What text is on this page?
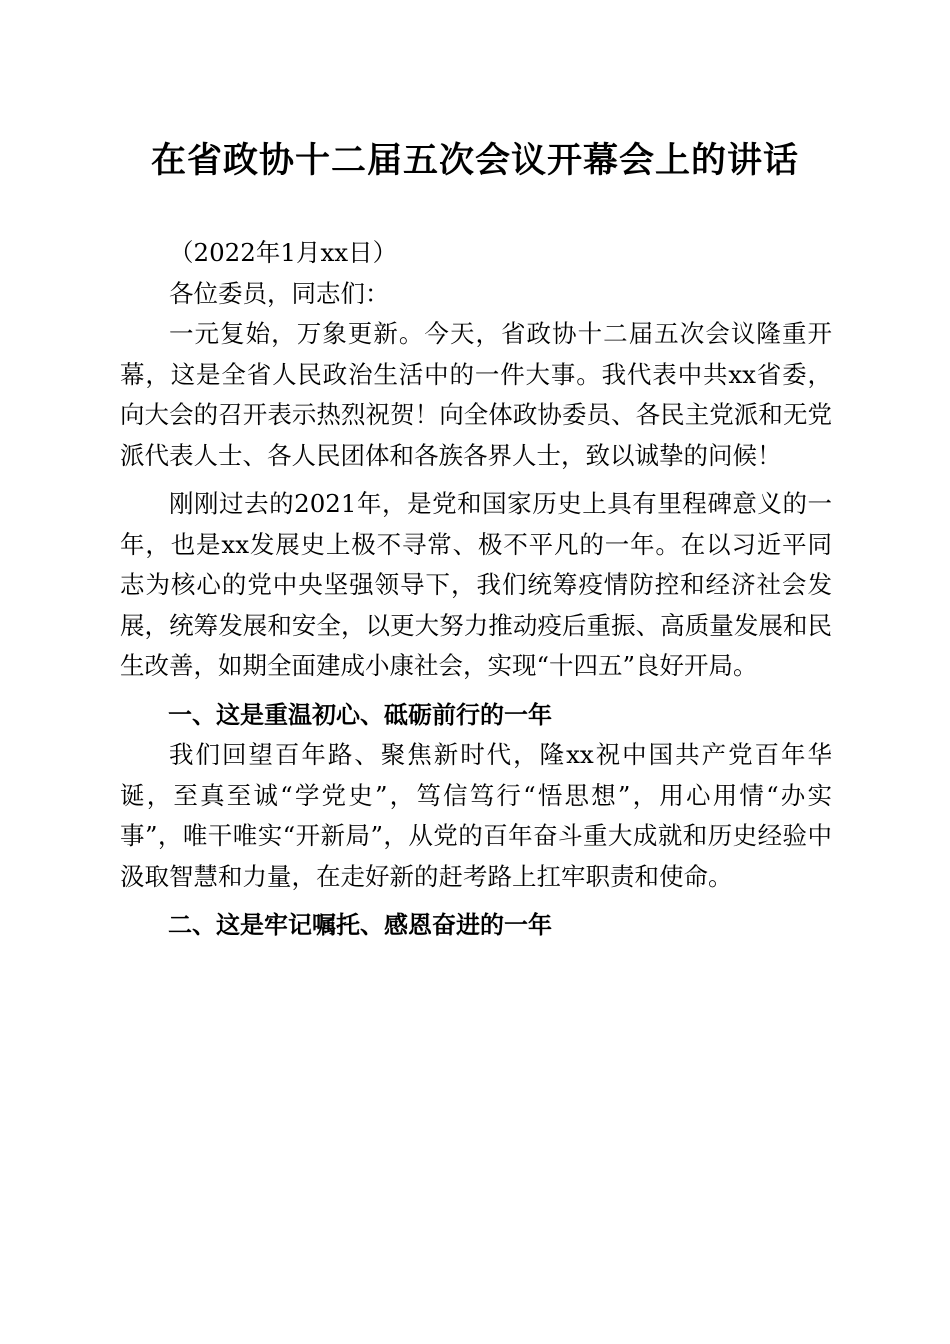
在省政协十二届五次会议开幕会上的讲话

（2022年1月xx日）

各位委员，同志们：

一元复始，万象更新。今天，省政协十二届五次会议隆重开幕，这是全省人民政治生活中的一件大事。我代表中共xx省委，向大会的召开表示热烈祝贺！向全体政协委员、各民主党派和无党派代表人士、各人民团体和各族各界人士，致以诚挚的问候！

刚刚过去的2021年，是党和国家历史上具有里程碑意义的一年，也是xx发展史上极不寻常、极不平凡的一年。在以习近平同志为核心的党中央坚强领导下，我们统筹疫情防控和经济社会发展，统筹发展和安全，以更大努力推动疫后重振、高质量发展和民生改善，如期全面建成小康社会，实现“十四五”良好开局。

一、这是重温初心、砥砺前行的一年

我们回望百年路、聚焦新时代，隆xx祝中国共产党百年华诞，至真至诚“学党史”，笃信笃行“悟思想”，用心用情“办实事”，唯干唯实“开新局”，从党的百年奋斗重大成就和历史经验中汲取智慧和力量，在走好新的赶考路上扛牢职责和使命。

二、这是牢记嘱托、感恩奋进的一年
